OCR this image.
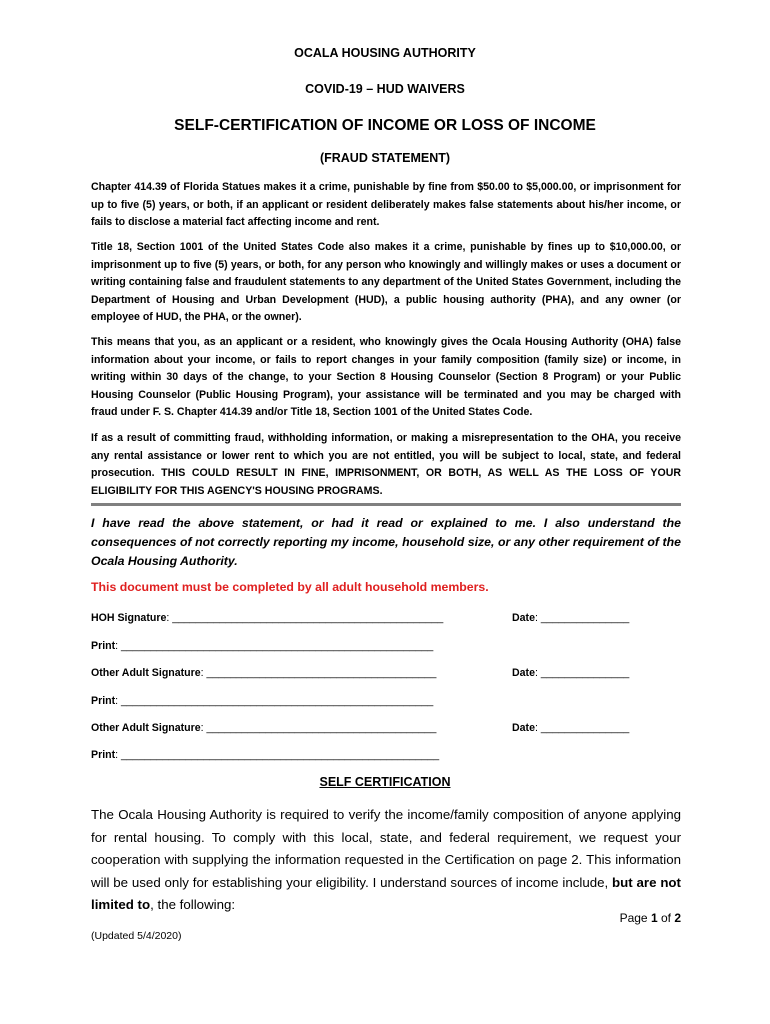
OCALA HOUSING AUTHORITY
COVID-19 – HUD WAIVERS
SELF-CERTIFICATION OF INCOME OR LOSS OF INCOME
(FRAUD STATEMENT)

Chapter 414.39 of Florida Statues makes it a crime, punishable by fine from $50.00 to $5,000.00, or imprisonment for up to five (5) years, or both, if an applicant or resident deliberately makes false statements about his/her income, or fails to disclose a material fact affecting income and rent.

Title 18, Section 1001 of the United States Code also makes it a crime, punishable by fines up to $10,000.00, or imprisonment up to five (5) years, or both, for any person who knowingly and willingly makes or uses a document or writing containing false and fraudulent statements to any department of the United States Government, including the Department of Housing and Urban Development (HUD), a public housing authority (PHA), and any owner (or employee of HUD, the PHA, or the owner).

This means that you, as an applicant or a resident, who knowingly gives the Ocala Housing Authority (OHA) false information about your income, or fails to report changes in your family composition (family size) or income, in writing within 30 days of the change, to your Section 8 Housing Counselor (Section 8 Program) or your Public Housing Counselor (Public Housing Program), your assistance will be terminated and you may be charged with fraud under F. S. Chapter 414.39 and/or Title 18, Section 1001 of the United States Code.

If as a result of committing fraud, withholding information, or making a misrepresentation to the OHA, you receive any rental assistance or lower rent to which you are not entitled, you will be subject to local, state, and federal prosecution. THIS COULD RESULT IN FINE, IMPRISONMENT, OR BOTH, AS WELL AS THE LOSS OF YOUR ELIGIBILITY FOR THIS AGENCY'S HOUSING PROGRAMS.

I have read the above statement, or had it read or explained to me. I also understand the consequences of not correctly reporting my income, household size, or any other requirement of the Ocala Housing Authority.

This document must be completed by all adult household members.
HOH Signature: ______________________________________________	Date: _______________
Print: _____________________________________________________
Other Adult Signature: _______________________________________	Date: _______________
Print: _____________________________________________________
Other Adult Signature: _______________________________________	Date: _______________
Print: ______________________________________________________
SELF CERTIFICATION

The Ocala Housing Authority is required to verify the income/family composition of anyone applying for rental housing. To comply with this local, state, and federal requirement, we request your cooperation with supplying the information requested in the Certification on page 2. This information will be used only for establishing your eligibility. I understand sources of income include, but are not limited to, the following:

Page 1 of 2
(Updated 5/4/2020)
